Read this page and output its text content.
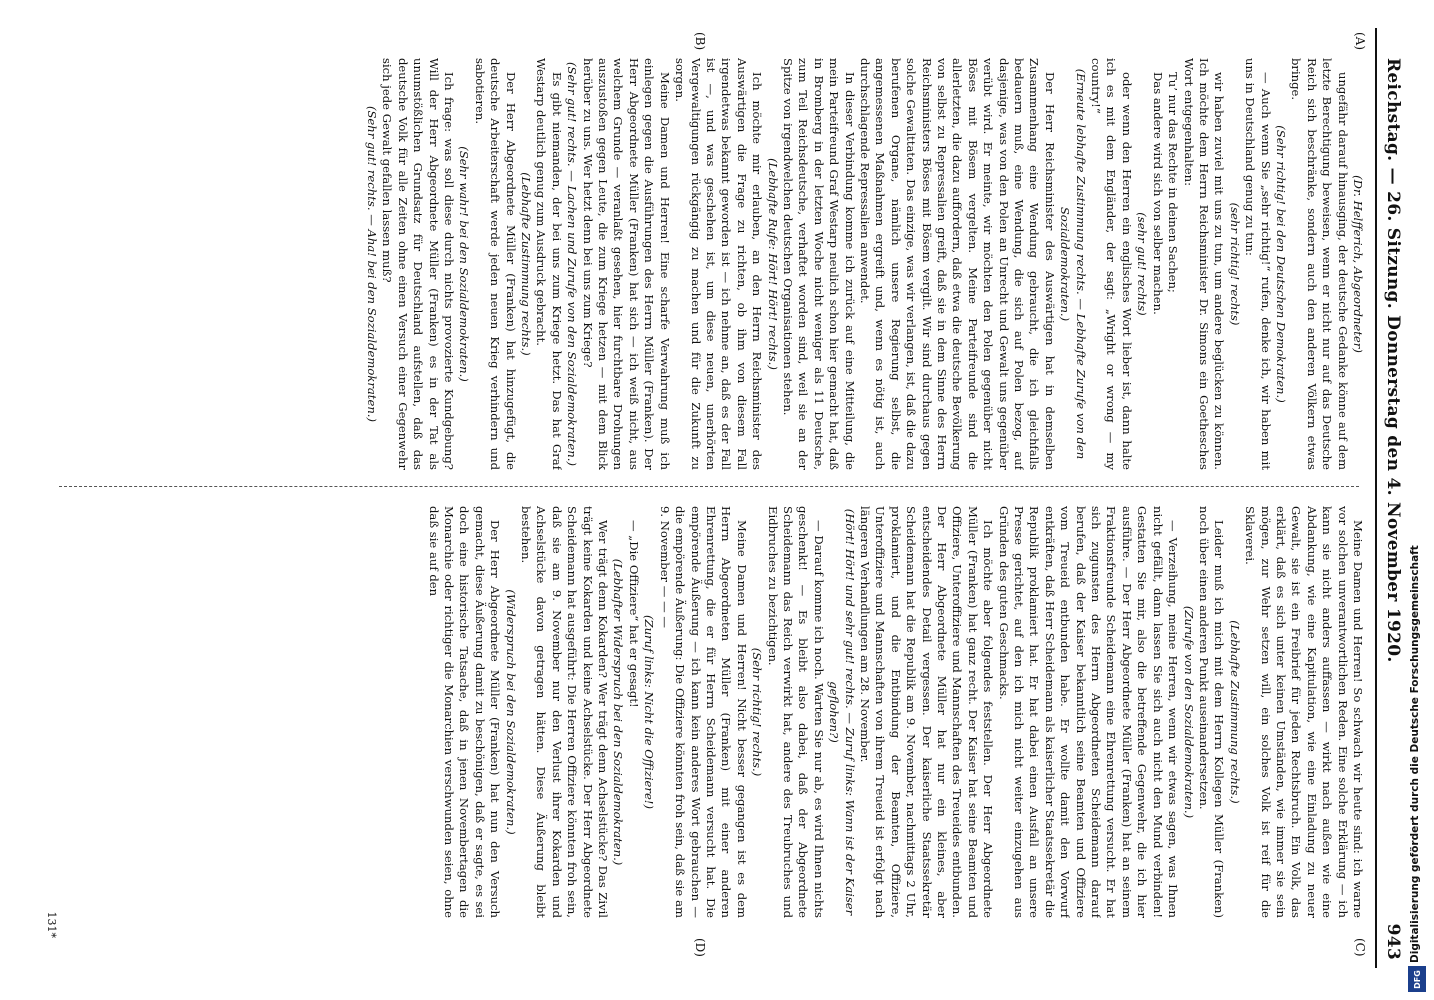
Reichstag. — 26. Sitzung. Donnerstag den 4. November 1920.
943
(A)
(B)
(C)
(D)

(Dr. Helfferich, Abgeordneter)

ungefähr darauf hinausging, der deutsche Gedanke könne auf dem letzte Berechtigung beweisen, wenn er nicht nur auf das Deutsche Reich sich beschränke, sondern auch den anderen Völkern etwas bringe.

(Sehr richtig! bei den Deutschen Demokraten.)

— Auch wenn Sie „sehr richtig!“ rufen, denke ich, wir haben mit uns in Deutschland genug zu tun:

(sehr richtig! rechts)

wir haben zuviel mit uns zu tun, um andere beglücken zu können. Ich möchte dem Herrn Reichsminister Dr. Simons ein Goethesches Wort entgegenhalten:

Tu’ nur das Rechte in deinen Sachen;

Das andere wird sich von selber machen.

(sehr gut! rechts)

oder wenn den Herren ein englisches Wort lieber ist, dann halte ich es mit dem Engländer, der sagt: „Wright or wrong — my country!“

(Erneute lebhafte Zustimmung rechts. — Lebhafte Zurufe von den Sozialdemokraten.)

Der Herr Reichsminister des Auswärtigen hat in demselben Zusammenhang eine Wendung gebraucht, die ich gleichfalls bedauern muß, eine Wendung, die sich auf Polen bezog, auf dasjenige, was von den Polen an Unrecht und Gewalt uns gegenüber verübt wird. Er meinte, wir möchten den Polen gegenüber nicht Böses mit Bösem vergelten. Meine Parteifreunde sind die allerletzten, die dazu auffordern, daß etwa die deutsche Bevölkerung von selbst zu Repressalien greift, daß sie in dem Sinne des Herrn Reichsministers Böses mit Bösem vergilt. Wir sind durchaus gegen solche Gewalttaten. Das einzige, was wir verlangen, ist, daß die dazu berufenen Organe, nämlich unsere Regierung selbst, die angemessenen Maßnahmen ergreift und, wenn es nötig ist, auch durchschlagende Repressalien anwendet.

In dieser Verbindung komme ich zurück auf eine Mitteilung, die mein Parteifreund Graf Westarp neulich schon hier gemacht hat, daß in Bromberg in der letzten Woche nicht weniger als 11 Deutsche, zum Teil Reichsdeutsche, verhaftet worden sind, weil sie an der Spitze von irgendwelchen deutschen Organisationen stehen.

(Lebhafte Rufe: Hört! Hört! rechts.)

Ich möchte mir erlauben, an den Herrn Reichsminister des Auswärtigen die Frage zu richten, ob ihm von diesem Fall irgendetwas bekannt geworden ist — ich nehme an, daß es der Fall ist —, und was geschehen ist, um diese neuen, unerhörten Vergewaltigungen rückgängig zu machen und für die Zukunft zu sorgen.

Meine Damen und Herren! Eine scharfe Verwahrung muß ich einlegen gegen die Ausführungen des Herrn Müller (Franken). Der Herr Abgeordnete Müller (Franken) hat sich — ich weiß nicht, aus welchem Grunde — veranlaßt gesehen, hier furchtbare Drohungen auszustoßen gegen Leute, die zum Kriege hetzen — mit dem Blick herüber zu uns. Wer hetzt denn bei uns zum Kriege?

(Sehr gut! rechts. — Lachen und Zurufe von den Sozialdemokraten.)

Es gibt niemanden, der bei uns zum Kriege hetzt. Das hat Graf Westarp deutlich genug zum Ausdruck gebracht.

(Lebhafte Zustimmung rechts.)

Der Herr Abgeordnete Müller (Franken) hat hinzugefügt, die deutsche Arbeiterschaft werde jeden neuen Krieg verhindern und sabotieren.

(Sehr wahr! bei den Sozialdemokraten.)

Ich frage: was soll diese durch nichts provozierte Kundgebung? Will der Herr Abgeordnete Müller (Franken) es in der Tat als unumstößlichen Grundsatz für Deutschland aufstellen, daß das deutsche Volk für alle Zeiten ohne einen Versuch einer Gegenwehr sich jede Gewalt gefallen lassen muß?

(Sehr gut! rechts. — Aha! bei den Sozialdemokraten.)

Meine Damen und Herren! So schwach wir heute sind: ich warne vor solchen unverantwortlichen Reden. Eine solche Erklärung — ich kann sie nicht anders auffassen — wirkt nach außen wie eine Abdankung, wie eine Kapitulation, wie eine Einladung zu neuer Gewalt, sie ist ein Freibrief für jeden Rechtsbruch. Ein Volk, das erklärt, daß es sich unter keinen Umständen, wie immer sie sein mögen, zur Wehr setzen will, ein solches Volk ist reif für die Sklaverei.

(Lebhafte Zustimmung rechts.)

Leider muß ich mich mit dem Herrn Kollegen Müller (Franken) noch über einen anderen Punkt auseinandersetzen.

(Zurufe von den Sozialdemokraten.)

— Verzeihung, meine Herren, wenn wir etwas sagen, was Ihnen nicht gefällt, dann lassen Sie sich auch nicht den Mund verbinden! Gestatten Sie mir, also die betreffende Gegenwehr, die ich hier ausführe. — Der Herr Abgeordnete Müller (Franken) hat an seinem Fraktionsfreunde Scheidemann eine Ehrenrettung versucht. Er hat sich zugunsten des Herrn Abgeordneten Scheidemann darauf berufen, daß der Kaiser bekanntlich seine Beamten und Offiziere vom Treueid entbunden habe. Er wollte damit den Vorwurf entkräften, daß Herr Scheidemann als kaiserlicher Staatssekretär die Republik proklamiert hat. Er hat dabei einen Ausfall an unsere Presse gerichtet, auf den ich mich nicht weiter einzugehen aus Gründen des guten Geschmacks.

Ich möchte aber folgendes feststellen. Der Herr Abgeordnete Müller (Franken) hat ganz recht. Der Kaiser hat seine Beamten und Offiziere, Unteroffiziere und Mannschaften des Treueides entbunden. Der Herr Abgeordnete Müller hat nur ein kleines, aber entscheidendes Detail vergessen. Der kaiserliche Staatssekretär Scheidemann hat die Republik am 9. November, nachmittags 2 Uhr, proklamiert, und die Entbindung der Beamten, Offiziere, Unteroffiziere und Mannschaften von ihrem Treueid ist erfolgt nach längeren Verhandlungen am 28. November.

(Hört! Hört! und sehr gut! rechts. — Zuruf links: Wann ist der Kaiser geflohen?)

— Darauf komme ich noch. Warten Sie nur ab, es wird Ihnen nichts geschenkt! — Es bleibt also dabei, daß der Abgeordnete Scheidemann das Reich verwirkt hat, andere des Treubruches und Eidbruches zu bezichtigen.

(Sehr richtig! rechts.)

Meine Damen und Herren! Nicht besser gegangen ist es dem Herrn Abgeordneten Müller (Franken) mit einer anderen Ehrenrettung, die er für Herrn Scheidemann versucht hat. Die empörende Äußerung — ich kann kein anderes Wort gebrauchen — die empörende Äußerung: Die Offiziere könnten froh sein, daß sie am 9. November — — —

(Zuruf links: Nicht die Offiziere!)

— „Die Offiziere“ hat er gesagt!

(Lebhafter Widerspruch bei den Sozialdemokraten.)

Wer trägt denn Kokarden? Wer trägt denn Achselstücke? Das Zivil trägt keine Kokarden und keine Achselstücke. Der Herr Abgeordnete Scheidemann hat ausgeführt: Die Herren Offiziere könnten froh sein, daß sie am 9. November nur den Verlust ihrer Kokarden und Achselstücke davon getragen hätten. Diese Äußerung bleibt bestehen.

(Widerspruch bei den Sozialdemokraten.)

Der Herr Abgeordnete Müller (Franken) hat nun den Versuch gemacht, diese Äußerung damit zu beschönigen, daß er sagte, es sei doch eine historische Tatsache, daß in jenen Novembertagen die Monarchie oder richtiger die Monarchien verschwunden seien, ohne daß sie auf den

131*	Digitalisierung gefördert durch die Deutsche Forschungsgemeinschaft
DFG
